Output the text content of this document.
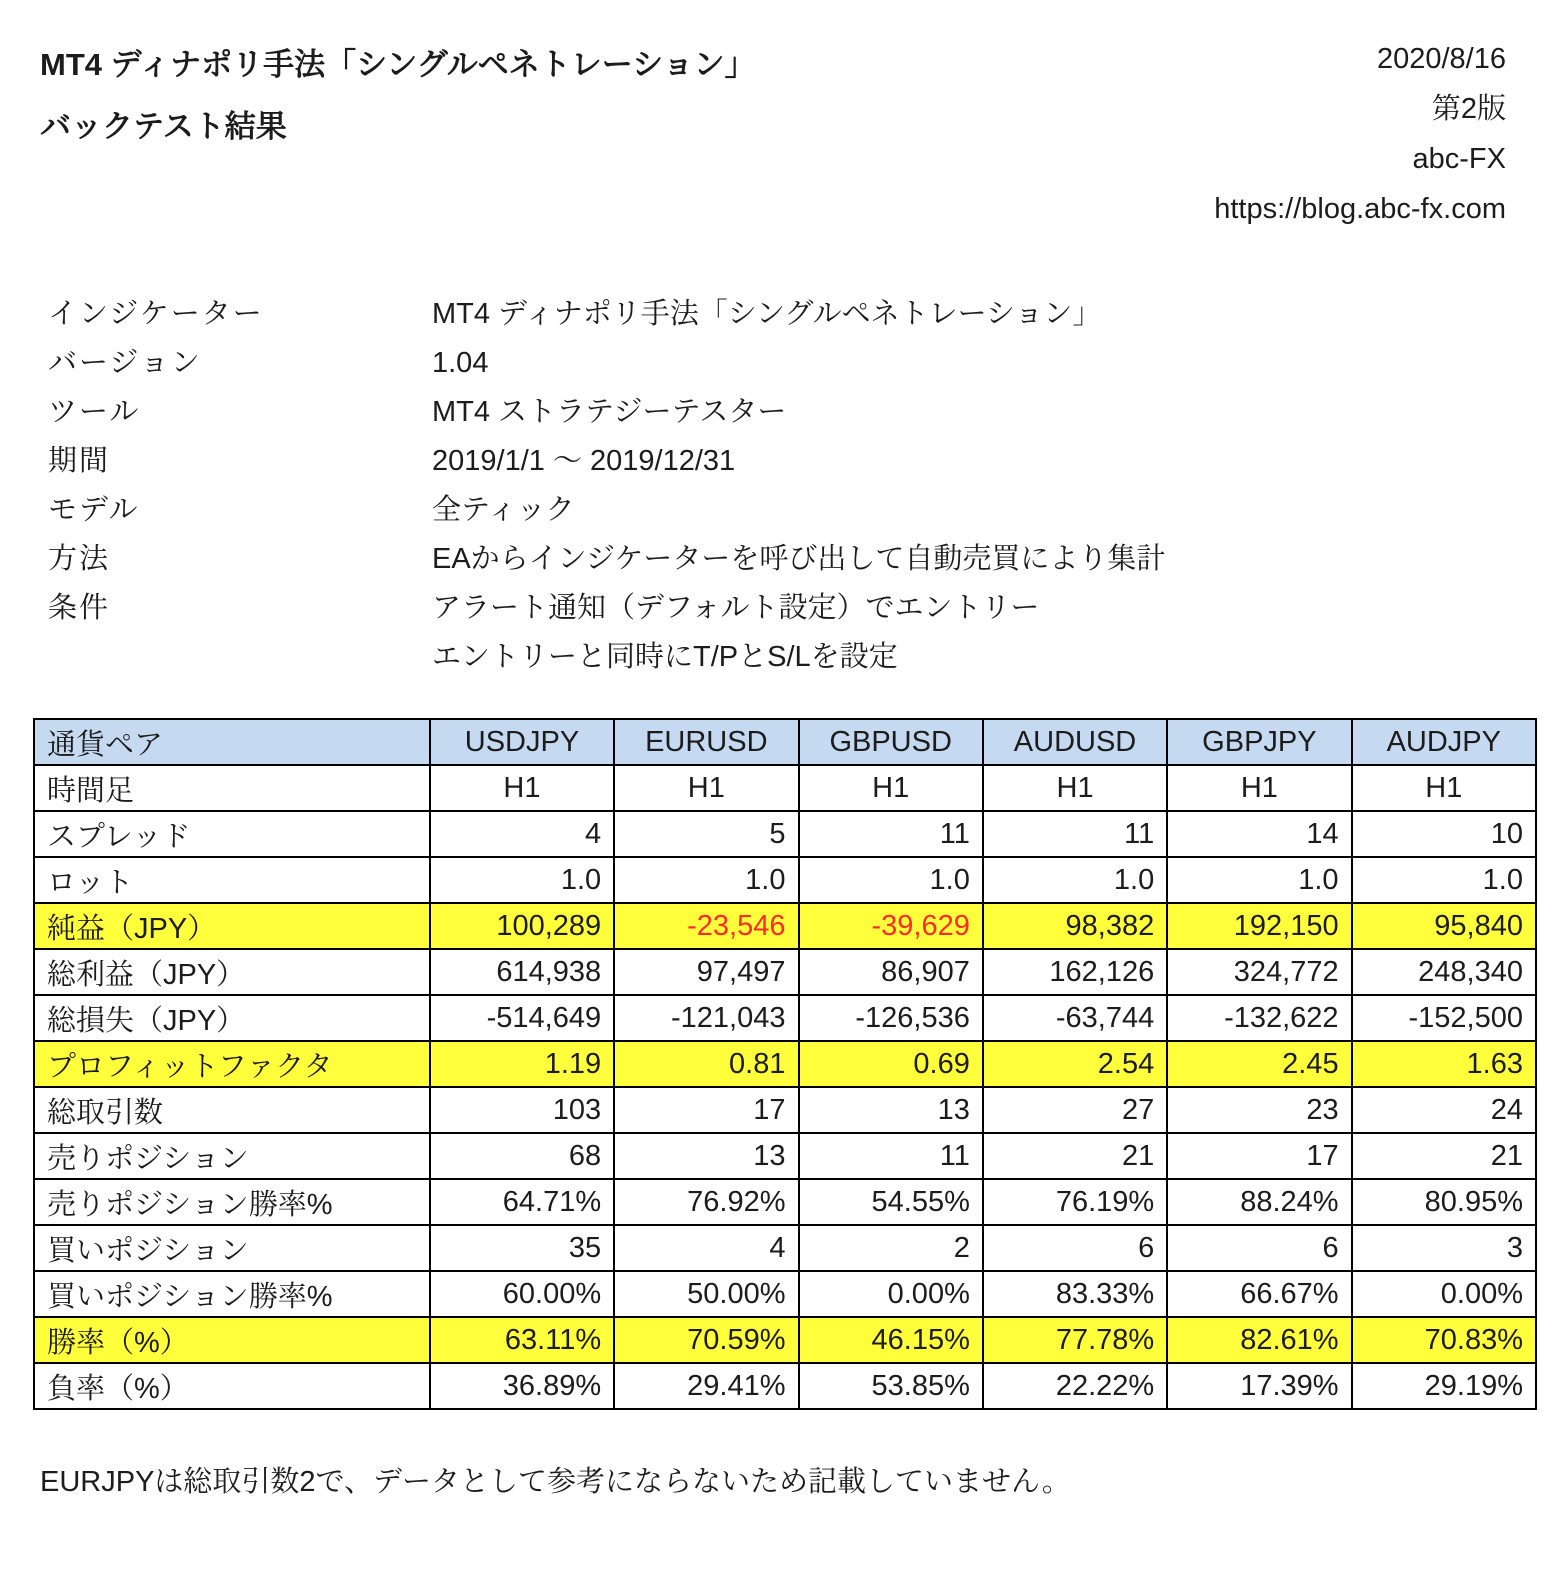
MT4 ディナポリ手法「シングルペネトレーション」
バックテスト結果
2020/8/16
第2版
abc-FX
https://blog.abc-fx.com
インジケーター	MT4 ディナポリ手法「シングルペネトレーション」
バージョン	1.04
ツール	MT4 ストラテジーテスター
期間	2019/1/1 ～ 2019/12/31
モデル	全ティック
方法	EAからインジケーターを呼び出して自動売買により集計
条件	アラート通知（デフォルト設定）でエントリー
エントリーと同時にT/PとS/Lを設定
通貨ペア	USDJPY	EURUSD	GBPUSD	AUDUSD	GBPJPY	AUDJPY
時間足	H1	H1	H1	H1	H1	H1
スプレッド	4	5	11	11	14	10
ロット	1.0	1.0	1.0	1.0	1.0	1.0
純益（JPY）	100,289	-23,546	-39,629	98,382	192,150	95,840
総利益（JPY）	614,938	97,497	86,907	162,126	324,772	248,340
総損失（JPY）	-514,649	-121,043	-126,536	-63,744	-132,622	-152,500
プロフィットファクタ	1.19	0.81	0.69	2.54	2.45	1.63
総取引数	103	17	13	27	23	24
売りポジション	68	13	11	21	17	21
売りポジション勝率%	64.71%	76.92%	54.55%	76.19%	88.24%	80.95%
買いポジション	35	4	2	6	6	3
買いポジション勝率%	60.00%	50.00%	0.00%	83.33%	66.67%	0.00%
勝率（%）	63.11%	70.59%	46.15%	77.78%	82.61%	70.83%
負率（%）	36.89%	29.41%	53.85%	22.22%	17.39%	29.19%
EURJPYは総取引数2で、データとして参考にならないため記載していません。
